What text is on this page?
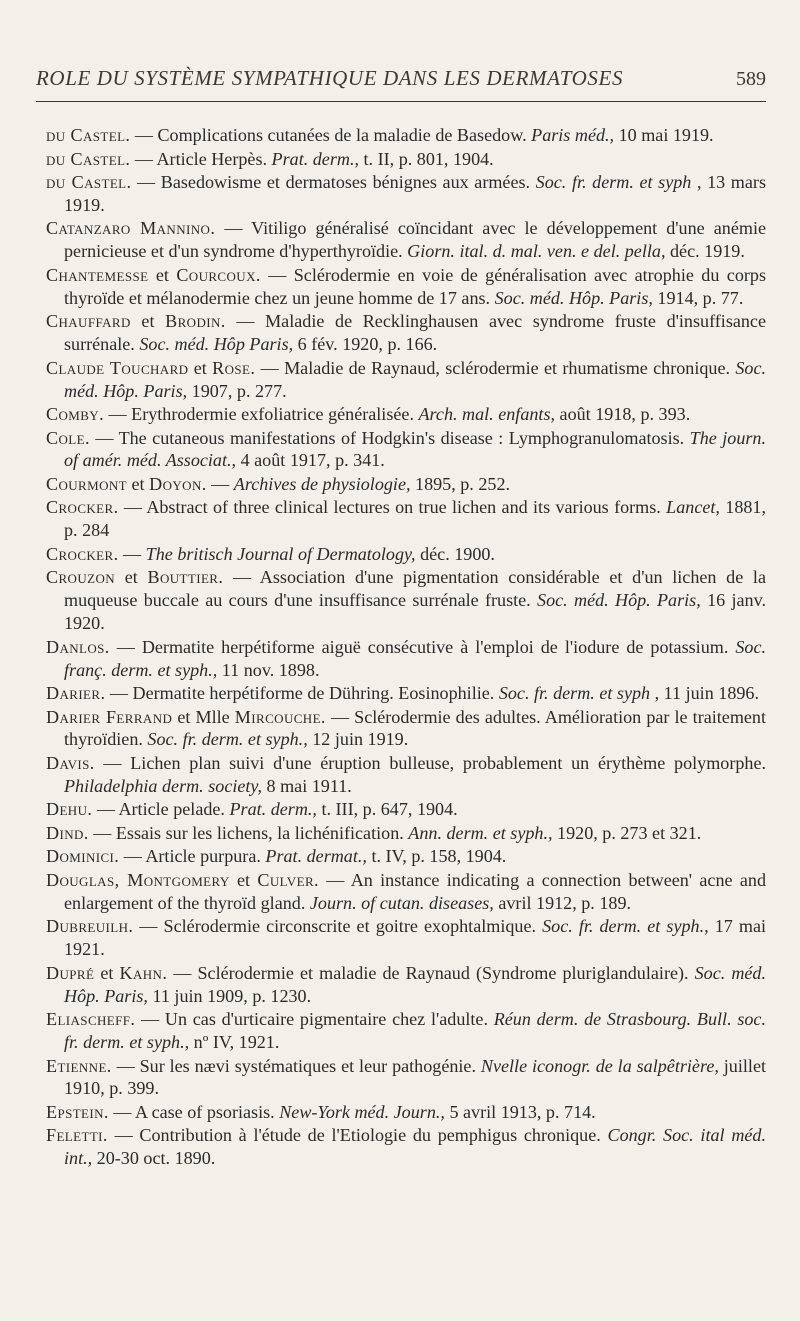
ROLE DU SYSTÈME SYMPATHIQUE DANS LES DERMATOSES	589

du Castel. — Complications cutanées de la maladie de Basedow. Paris méd., 10 mai 1919.

du Castel. — Article Herpès. Prat. derm., t. II, p. 801, 1904.

du Castel. — Basedowisme et dermatoses bénignes aux armées. Soc. fr. derm. et syph , 13 mars 1919.

Catanzaro Mannino. — Vitiligo généralisé coïncidant avec le développement d'une anémie pernicieuse et d'un syndrome d'hyperthyroïdie. Giorn. ital. d. mal. ven. e del. pella, déc. 1919.

Chantemesse et Courcoux. — Sclérodermie en voie de généralisation avec atrophie du corps thyroïde et mélanodermie chez un jeune homme de 17 ans. Soc. méd. Hôp. Paris, 1914, p. 77.

Chauffard et Brodin. — Maladie de Recklinghausen avec syndrome fruste d'insuffisance surrénale. Soc. méd. Hôp Paris, 6 fév. 1920, p. 166.

Claude Touchard et Rose. — Maladie de Raynaud, sclérodermie et rhumatisme chronique. Soc. méd. Hôp. Paris, 1907, p. 277.

Comby. — Erythrodermie exfoliatrice généralisée. Arch. mal. enfants, août 1918, p. 393.

Cole. — The cutaneous manifestations of Hodgkin's disease : Lymphogranulomatosis. The journ. of amér. méd. Associat., 4 août 1917, p. 341.

Courmont et Doyon. — Archives de physiologie, 1895, p. 252.

Crocker. — Abstract of three clinical lectures on true lichen and its various forms. Lancet, 1881, p. 284

Crocker. — The britisch Journal of Dermatology, déc. 1900.

Crouzon et Bouttier. — Association d'une pigmentation considérable et d'un lichen de la muqueuse buccale au cours d'une insuffisance surrénale fruste. Soc. méd. Hôp. Paris, 16 janv. 1920.

Danlos. — Dermatite herpétiforme aiguë consécutive à l'emploi de l'iodure de potassium. Soc. franç. derm. et syph., 11 nov. 1898.

Darier. — Dermatite herpétiforme de Dühring. Eosinophilie. Soc. fr. derm. et syph , 11 juin 1896.

Darier Ferrand et Mlle Mircouche. — Sclérodermie des adultes. Amélioration par le traitement thyroïdien. Soc. fr. derm. et syph., 12 juin 1919.

Davis. — Lichen plan suivi d'une éruption bulleuse, probablement un érythème polymorphe. Philadelphia derm. society, 8 mai 1911.

Dehu. — Article pelade. Prat. derm., t. III, p. 647, 1904.

Dind. — Essais sur les lichens, la lichénification. Ann. derm. et syph., 1920, p. 273 et 321.

Dominici. — Article purpura. Prat. dermat., t. IV, p. 158, 1904.

Douglas, Montgomery et Culver. — An instance indicating a connection between' acne and enlargement of the thyroïd gland. Journ. of cutan. diseases, avril 1912, p. 189.

Dubreuilh. — Sclérodermie circonscrite et goitre exophtalmique. Soc. fr. derm. et syph., 17 mai 1921.

Dupré et Kahn. — Sclérodermie et maladie de Raynaud (Syndrome pluriglandulaire). Soc. méd. Hôp. Paris, 11 juin 1909, p. 1230.

Eliascheff. — Un cas d'urticaire pigmentaire chez l'adulte. Réun derm. de Strasbourg. Bull. soc. fr. derm. et syph., nº IV, 1921.

Etienne. — Sur les nævi systématiques et leur pathogénie. Nvelle iconogr. de la salpêtrière, juillet 1910, p. 399.

Epstein. — A case of psoriasis. New-York méd. Journ., 5 avril 1913, p. 714.

Feletti. — Contribution à l'étude de l'Etiologie du pemphigus chronique. Congr. Soc. ital méd. int., 20-30 oct. 1890.
